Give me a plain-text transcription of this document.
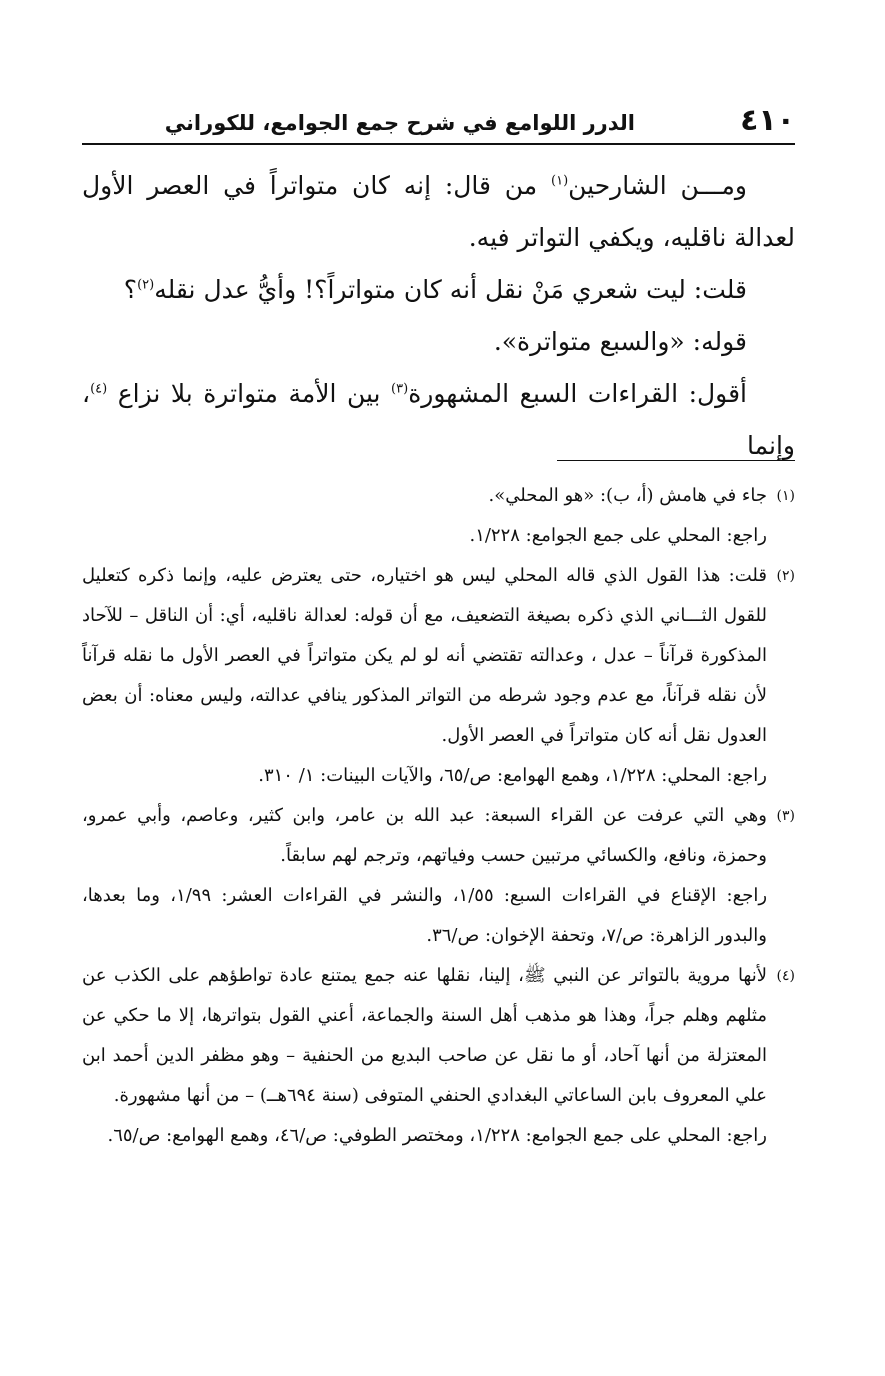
٤١٠
الدرر اللوامع في شرح جمع الجوامع، للكوراني

ومـــن الشارحين$^{(١)}$ من قال: إنه كان متواتراً في العصر الأول لعدالة ناقليه، ويكفي التواتر فيه.

قلت: ليت شعري مَنْ نقل أنه كان متواتراً؟! وأيُّ عدل نقله$^{(٢)}$؟

قوله: «والسبع متواترة».

أقول: القراءات السبع المشهورة$^{(٣)}$ بين الأمة متواترة بلا نزاع $^{(٤)}$، وإنما

(١)
جاء في هامش (أ، ب): «هو المحلي».

راجع: المحلي على جمع الجوامع: ١/٢٢٨.

(٢)
قلت: هذا القول الذي قاله المحلي ليس هو اختياره، حتى يعترض عليه، وإنما ذكره كتعليل للقول الثـــاني الذي ذكره بصيغة التضعيف، مع أن قوله: لعدالة ناقليه، أي: أن الناقل – للآحاد المذكورة قرآناً – عدل ، وعدالته تقتضي أنه لو لم يكن متواتراً في العصر الأول ما نقله قرآناً لأن نقله قرآناً، مع عدم وجود شرطه من التواتر المذكور ينافي عدالته، وليس معناه: أن بعض العدول نقل أنه كان متواتراً في العصر الأول.

راجع: المحلي: ١/٢٢٨، وهمع الهوامع: ص/٦٥، والآيات البينات: ١/ ٣١٠.

(٣)
وهي التي عرفت عن القراء السبعة: عبد الله بن عامر، وابن كثير، وعاصم، وأبي عمرو، وحمزة، ونافع، والكسائي مرتبين حسب وفياتهم، وترجم لهم سابقاً.

راجع: الإقناع في القراءات السبع: ١/٥٥، والنشر في القراءات العشر: ١/٩٩، وما بعدها، والبدور الزاهرة: ص/٧، وتحفة الإخوان: ص/٣٦.

(٤)
لأنها مروية بالتواتر عن النبي ﷺ، إلينا، نقلها عنه جمع يمتنع عادة تواطؤهم على الكذب عن مثلهم وهلم جراً، وهذا هو مذهب أهل السنة والجماعة، أعني القول بتواترها، إلا ما حكي عن المعتزلة من أنها آحاد، أو ما نقل عن صاحب البديع من الحنفية – وهو مظفر الدين أحمد ابن علي المعروف بابن الساعاتي البغدادي الحنفي المتوفى (سنة ٦٩٤هــ) – من أنها مشهورة.

راجع: المحلي على جمع الجوامع: ١/٢٢٨، ومختصر الطوفي: ص/٤٦، وهمع الهوامع: ص/٦٥.
